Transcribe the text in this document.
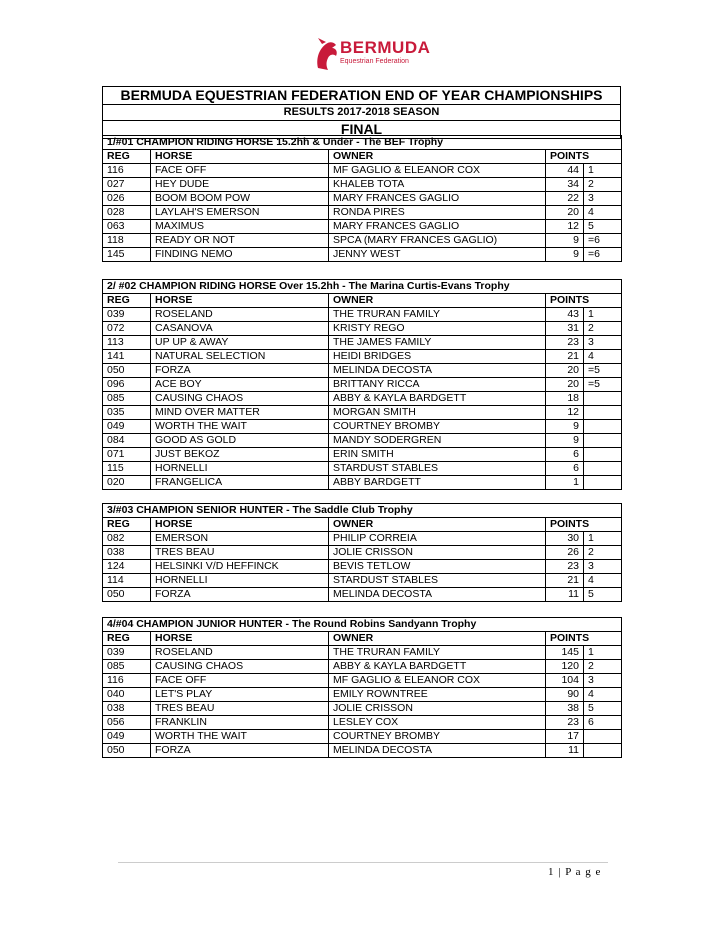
BERMUDA
Equestrian Federation
BERMUDA EQUESTRIAN FEDERATION END OF YEAR CHAMPIONSHIPS
RESULTS 2017-2018 SEASON
FINAL
1/#01 CHAMPION RIDING HORSE 15.2hh & Under - The BEF Trophy				
REG	HORSE	OWNER	POINTS	
116	FACE OFF	MF GAGLIO & ELEANOR COX	44	1
027	HEY DUDE	KHALEB TOTA	34	2
026	BOOM BOOM POW	MARY FRANCES GAGLIO	22	3
028	LAYLAH'S EMERSON	RONDA PIRES	20	4
063	MAXIMUS	MARY FRANCES GAGLIO	12	5
118	READY OR NOT	SPCA (MARY FRANCES GAGLIO)	9	=6
145	FINDING NEMO	JENNY WEST	9	=6
2/ #02 CHAMPION RIDING HORSE Over 15.2hh - The Marina Curtis-Evans Trophy				
REG	HORSE	OWNER	POINTS	
039	ROSELAND	THE TRURAN FAMILY	43	1
072	CASANOVA	KRISTY REGO	31	2
113	UP UP & AWAY	THE JAMES FAMILY	23	3
141	NATURAL SELECTION	HEIDI BRIDGES	21	4
050	FORZA	MELINDA DECOSTA	20	=5
096	ACE BOY	BRITTANY RICCA	20	=5
085	CAUSING CHAOS	ABBY & KAYLA BARDGETT	18	
035	MIND OVER MATTER	MORGAN SMITH	12	
049	WORTH THE WAIT	COURTNEY BROMBY	9	
084	GOOD AS GOLD	MANDY SODERGREN	9	
071	JUST BEKOZ	ERIN SMITH	6	
115	HORNELLI	STARDUST STABLES	6	
020	FRANGELICA	ABBY BARDGETT	1	
3/#03 CHAMPION SENIOR HUNTER - The Saddle Club Trophy				
REG	HORSE	OWNER	POINTS	
082	EMERSON	PHILIP CORREIA	30	1
038	TRES BEAU	JOLIE CRISSON	26	2
124	HELSINKI V/D HEFFINCK	BEVIS TETLOW	23	3
114	HORNELLI	STARDUST STABLES	21	4
050	FORZA	MELINDA DECOSTA	11	5
4/#04 CHAMPION JUNIOR HUNTER - The Round Robins Sandyann Trophy				
REG	HORSE	OWNER	POINTS	
039	ROSELAND	THE TRURAN FAMILY	145	1
085	CAUSING CHAOS	ABBY & KAYLA BARDGETT	120	2
116	FACE OFF	MF GAGLIO & ELEANOR COX	104	3
040	LET'S PLAY	EMILY ROWNTREE	90	4
038	TRES BEAU	JOLIE CRISSON	38	5
056	FRANKLIN	LESLEY COX	23	6
049	WORTH THE WAIT	COURTNEY BROMBY	17	
050	FORZA	MELINDA DECOSTA	11	
1 | P a g e
